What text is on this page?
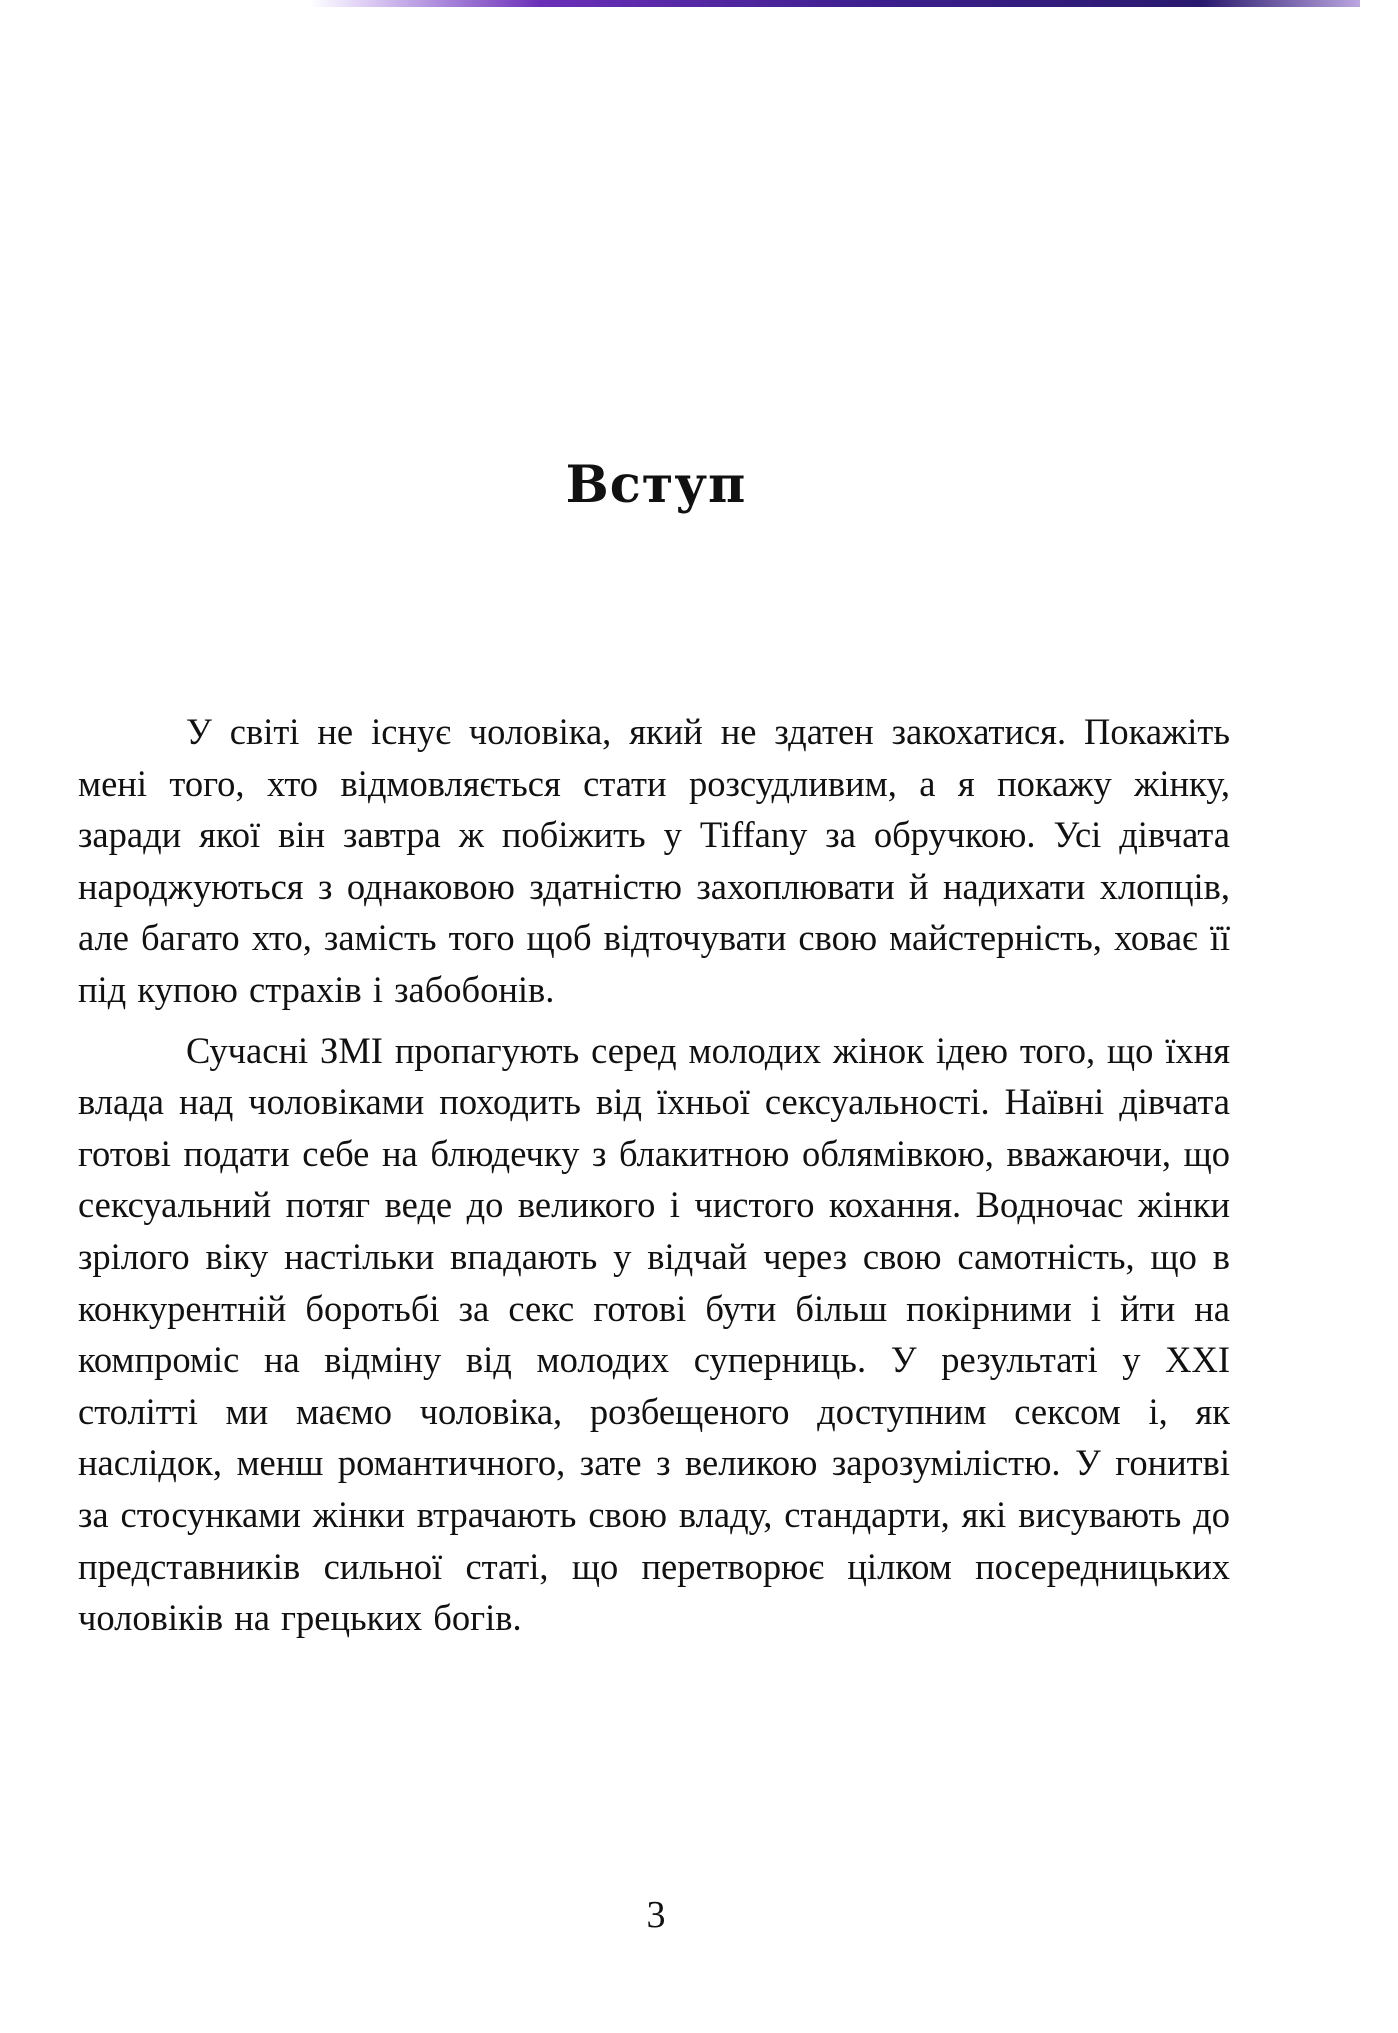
Вступ

У світі не існує чоловіка, який не здатен закохатися. Покажіть мені того, хто відмовляється стати розсудливим, а я покажу жінку, заради якої він завтра ж побіжить у Tiffany за обручкою. Усі дівчата народжуються з однаковою здатністю захоплювати й надихати хлопців, але багато хто, замість того щоб відточувати свою майстерність, ховає її під купою страхів і забобонів.

Сучасні ЗМІ пропагують серед молодих жінок ідею того, що їхня влада над чоловіками походить від їхньої сексуальності. Наївні дівчата готові подати себе на блюдечку з блакитною облямівкою, вважаючи, що сексуальний потяг веде до великого і чистого кохання. Водночас жінки зрілого віку настільки впадають у відчай через свою самотність, що в конкурентній боротьбі за секс готові бути більш покірними і йти на компроміс на відміну від молодих суперниць. У результаті у XXI столітті ми маємо чоловіка, розбещеного доступним сексом і, як наслідок, менш романтичного, зате з великою зарозумілістю. У гонитві за стосунками жінки втрачають свою владу, стандарти, які висувають до представників сильної статі, що перетворює цілком посередницьких чоловіків на грецьких богів.

3
